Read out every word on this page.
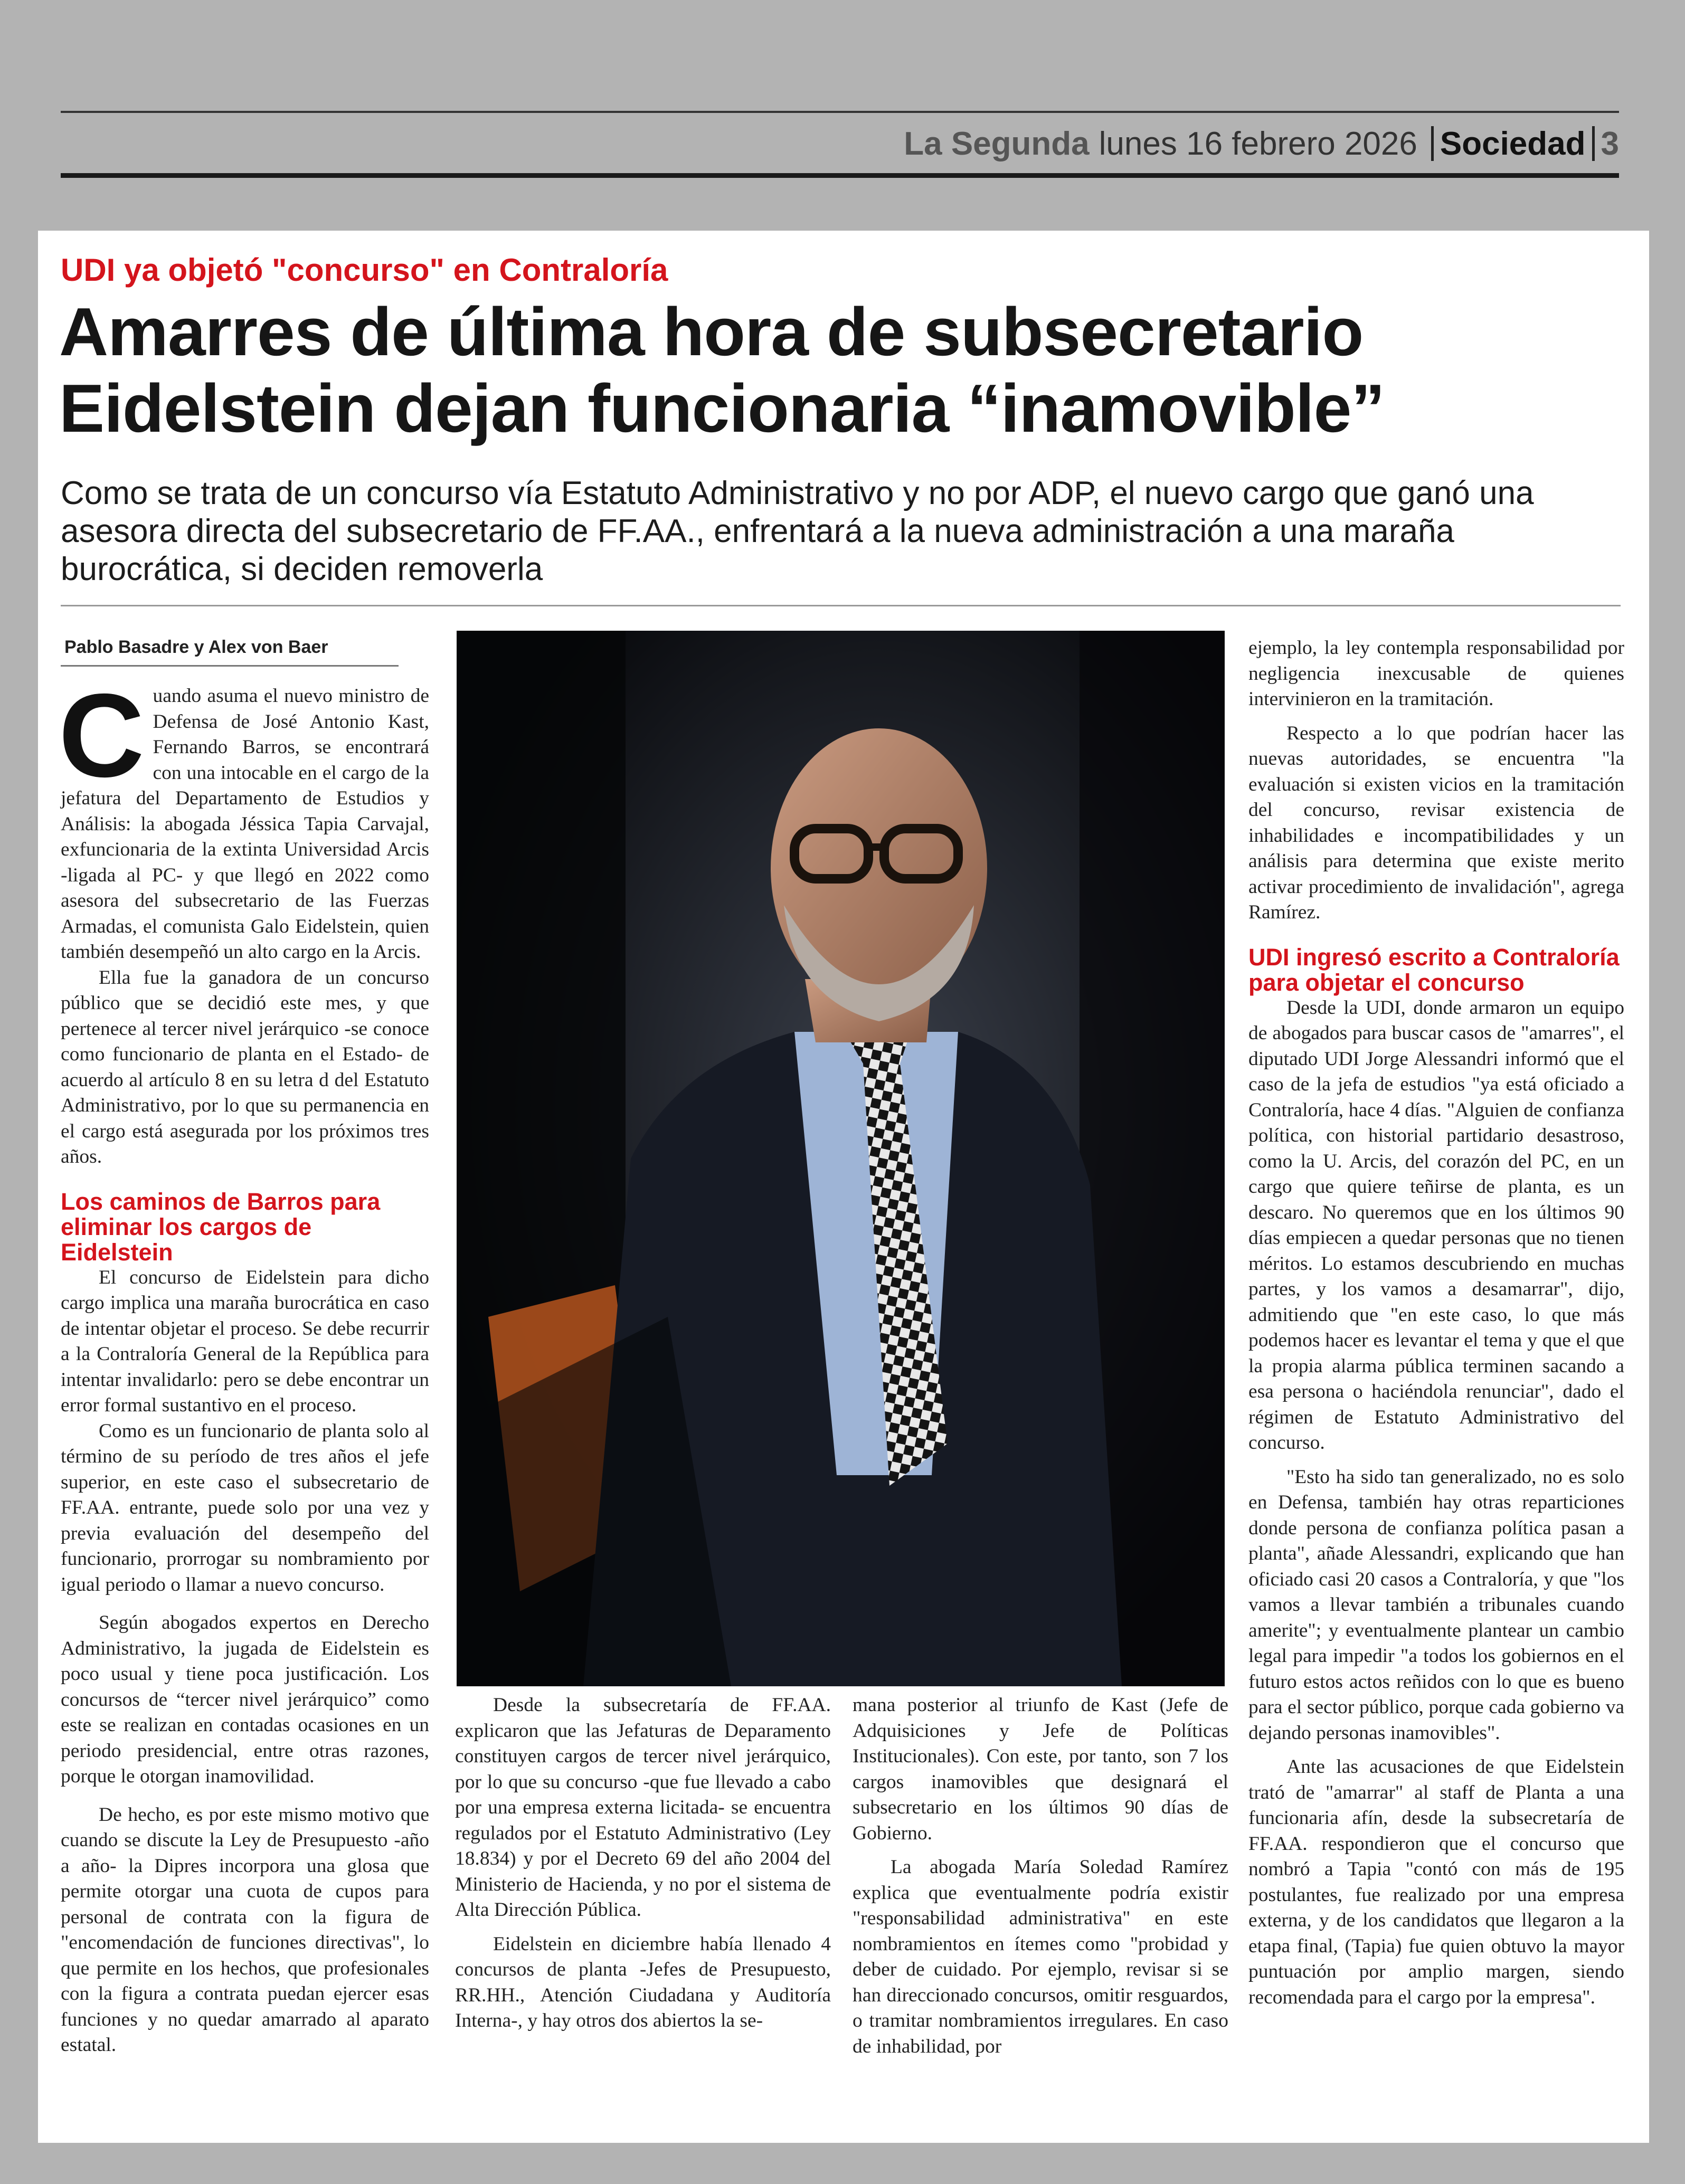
La Segunda lunes 16 febrero 2026 Sociedad 3
UDI ya objetó "concurso" en Contraloría
Amarres de última hora de subsecretario Eidelstein dejan funcionaria “inamovible”

Como se trata de un concurso vía Estatuto Administrativo y no por ADP, el nuevo cargo que ganó una asesora directa del subsecretario de FF.AA., enfrentará a la nueva administración a una maraña burocrática, si deciden removerla

Pablo Basadre y Alex von Baer

Cuando asuma el nuevo ministro de Defensa de José Antonio Kast, Fernando Barros, se encontrará con una intocable en el cargo de la jefatura del Departamento de Estudios y Análisis: la abogada Jéssica Tapia Carvajal, exfuncionaria de la extinta Universidad Arcis -ligada al PC- y que llegó en 2022 como asesora del subsecretario de las Fuerzas Armadas, el comunista Galo Eidelstein, quien también desempeñó un alto cargo en la Arcis.

Ella fue la ganadora de un concurso público que se decidió este mes, y que pertenece al tercer nivel jerárquico -se conoce como funcionario de planta en el Estado- de acuerdo al artículo 8 en su letra d del Estatuto Administrativo, por lo que su permanencia en el cargo está asegurada por los próximos tres años.

Los caminos de Barros para eliminar los cargos de Eidelstein

El concurso de Eidelstein para dicho cargo implica una maraña burocrática en caso de intentar objetar el proceso. Se debe recurrir a la Contraloría General de la República para intentar invalidarlo: pero se debe encontrar un error formal sustantivo en el proceso.

Como es un funcionario de planta solo al término de su período de tres años el jefe superior, en este caso el subsecretario de FF.AA. entrante, puede solo por una vez y previa evaluación del desempeño del funcionario, prorrogar su nombramiento por igual periodo o llamar a nuevo concurso.

Según abogados expertos en Derecho Administrativo, la jugada de Eidelstein es poco usual y tiene poca justificación. Los concursos de “tercer nivel jerárquico” como este se realizan en contadas ocasiones en un periodo presidencial, entre otras razones, porque le otorgan inamovilidad.

De hecho, es por este mismo motivo que cuando se discute la Ley de Presupuesto -año a año- la Dipres incorpora una glosa que permite otorgar una cuota de cupos para personal de contrata con la figura de "encomendación de funciones directivas", lo que permite en los hechos, que profesionales con la figura a contrata puedan ejercer esas funciones y no quedar amarrado al aparato estatal.

Desde la subsecretaría de FF.AA. explicaron que las Jefaturas de Deparamento constituyen cargos de tercer nivel jerárquico, por lo que su concurso -que fue llevado a cabo por una empresa externa licitada- se encuentra regulados por el Estatuto Administrativo (Ley 18.834) y por el Decreto 69 del año 2004 del Ministerio de Hacienda, y no por el sistema de Alta Dirección Pública.

Eidelstein en diciembre había llenado 4 concursos de planta -Jefes de Presupuesto, RR.HH., Atención Ciudadana y Auditoría Interna-, y hay otros dos abiertos la se-

mana posterior al triunfo de Kast (Jefe de Adquisiciones y Jefe de Políticas Institucionales). Con este, por tanto, son 7 los cargos inamovibles que designará el subsecretario en los últimos 90 días de Gobierno.

La abogada María Soledad Ramírez explica que eventualmente podría existir "responsabilidad administrativa" en este nombramientos en ítemes como "probidad y deber de cuidado. Por ejemplo, revisar si se han direccionado concursos, omitir resguardos, o tramitar nombramientos irregulares. En caso de inhabilidad, por

ejemplo, la ley contempla responsabilidad por negligencia inexcusable de quienes intervinieron en la tramitación.

Respecto a lo que podrían hacer las nuevas autoridades, se encuentra "la evaluación si existen vicios en la tramitación del concurso, revisar existencia de inhabilidades e incompatibilidades y un análisis para determina que existe merito activar procedimiento de invalidación", agrega Ramírez.

UDI ingresó escrito a Contraloría para objetar el concurso

Desde la UDI, donde armaron un equipo de abogados para buscar casos de "amarres", el diputado UDI Jorge Alessandri informó que el caso de la jefa de estudios "ya está oficiado a Contraloría, hace 4 días. "Alguien de confianza política, con historial partidario desastroso, como la U. Arcis, del corazón del PC, en un cargo que quiere teñirse de planta, es un descaro. No queremos que en los últimos 90 días empiecen a quedar personas que no tienen méritos. Lo estamos descubriendo en muchas partes, y los vamos a desamarrar", dijo, admitiendo que "en este caso, lo que más podemos hacer es levantar el tema y que el que la propia alarma pública terminen sacando a esa persona o haciéndola renunciar", dado el régimen de Estatuto Administrativo del concurso.

"Esto ha sido tan generalizado, no es solo en Defensa, también hay otras reparticiones donde persona de confianza política pasan a planta", añade Alessandri, explicando que han oficiado casi 20 casos a Contraloría, y que "los vamos a llevar también a tribunales cuando amerite"; y eventualmente plantear un cambio legal para impedir "a todos los gobiernos en el futuro estos actos reñidos con lo que es bueno para el sector público, porque cada gobierno va dejando personas inamovibles".

Ante las acusaciones de que Eidelstein trató de "amarrar" al staff de Planta a una funcionaria afín, desde la subsecretaría de FF.AA. respondieron que el concurso que nombró a Tapia "contó con más de 195 postulantes, fue realizado por una empresa externa, y de los candidatos que llegaron a la etapa final, (Tapia) fue quien obtuvo la mayor puntuación por amplio margen, siendo recomendada para el cargo por la empresa".
